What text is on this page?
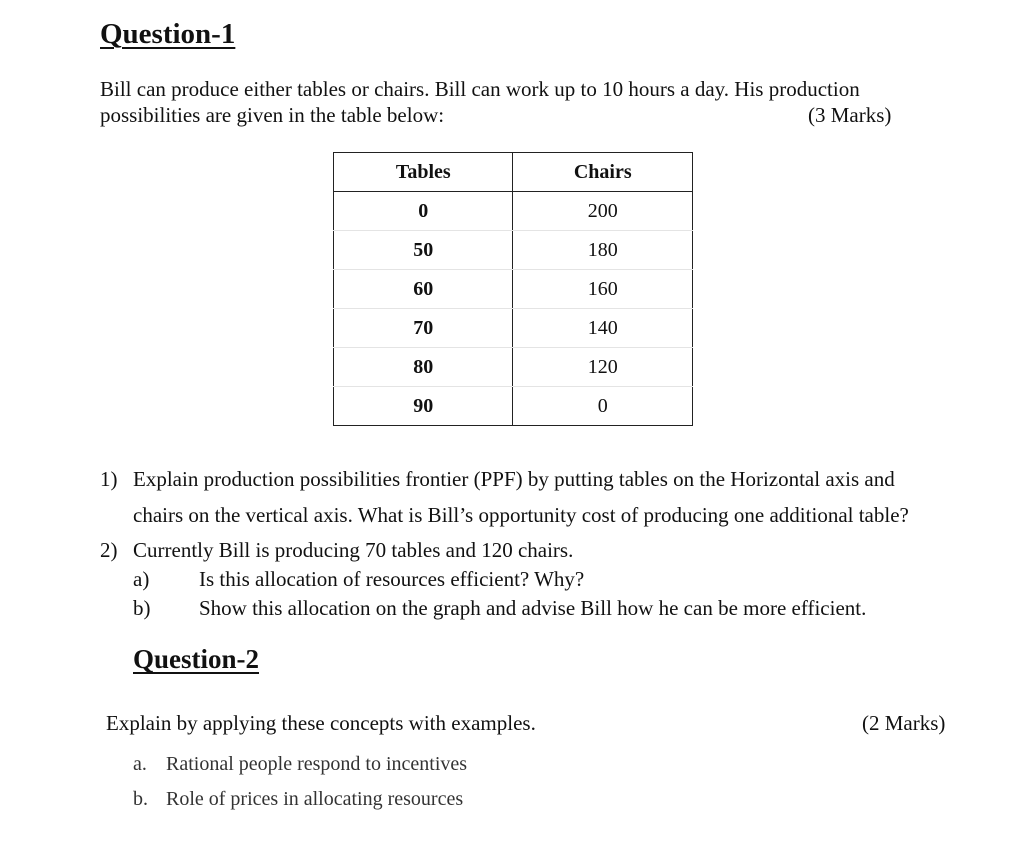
Question-1
Bill can produce either tables or chairs. Bill can work up to 10 hours a day. His production
possibilities are given in the table below:	(3 Marks)
Tables	Chairs
0	200
50	180
60	160
70	140
80	120
90	0
1) Explain production possibilities frontier (PPF) by putting tables on the Horizontal axis and
chairs on the vertical axis. What is Bill’s opportunity cost of producing one additional table?
2) Currently Bill is producing 70 tables and 120 chairs.
a) Is this allocation of resources efficient? Why?
b) Show this allocation on the graph and advise Bill how he can be more efficient.
Question-2
Explain by applying these concepts with examples.	(2 Marks)
a. Rational people respond to incentives
b. Role of prices in allocating resources
